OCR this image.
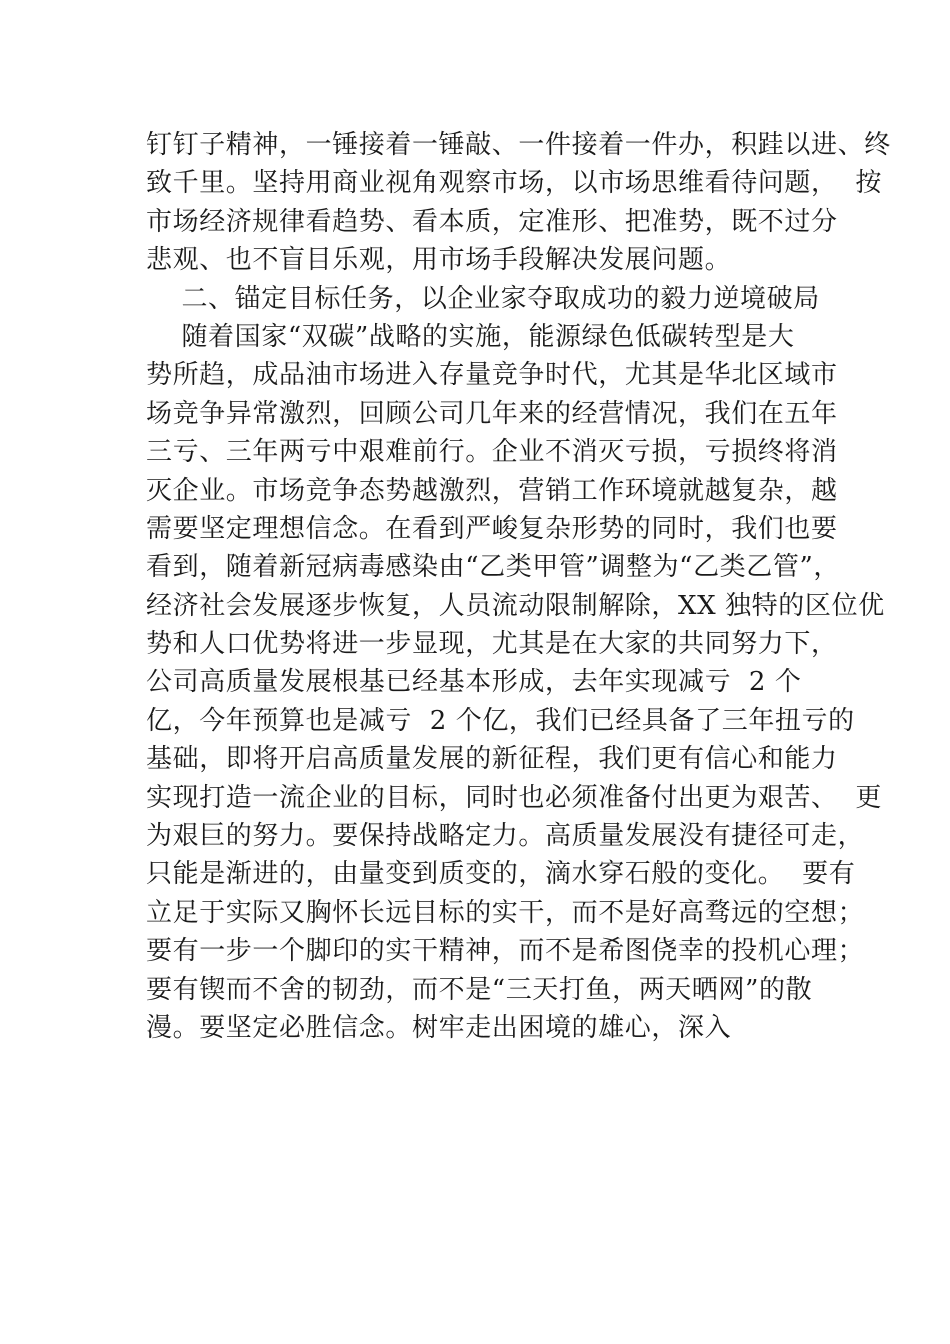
钉钉子精神，一锤接着一锤敲、一件接着一件办，积跬以进、终
致千里。坚持用商业视角观察市场，以市场思维看待问题，  按
市场经济规律看趋势、看本质，定准形、把准势，既不过分
悲观、也不盲目乐观，用市场手段解决发展问题。
二、锚定目标任务，以企业家夺取成功的毅力逆境破局
随着国家“双碳”战略的实施，能源绿色低碳转型是大
势所趋，成品油市场进入存量竞争时代，尤其是华北区域市
场竞争异常激烈，回顾公司几年来的经营情况，我们在五年
三亏、三年两亏中艰难前行。企业不消灭亏损，亏损终将消
灭企业。市场竞争态势越激烈，营销工作环境就越复杂，越
需要坚定理想信念。在看到严峻复杂形势的同时，我们也要
看到，随着新冠病毒感染由“乙类甲管”调整为“乙类乙管”，
经济社会发展逐步恢复，人员流动限制解除，XX 独特的区位优
势和人口优势将进一步显现，尤其是在大家的共同努力下，
公司高质量发展根基已经基本形成，去年实现减亏  2 个
亿，今年预算也是减亏  2 个亿，我们已经具备了三年扭亏的
基础，即将开启高质量发展的新征程，我们更有信心和能力
实现打造一流企业的目标，同时也必须准备付出更为艰苦、  更
为艰巨的努力。要保持战略定力。高质量发展没有捷径可走，
只能是渐进的，由量变到质变的，滴水穿石般的变化。  要有
立足于实际又胸怀长远目标的实干，而不是好高骛远的空想；
要有一步一个脚印的实干精神，而不是希图侥幸的投机心理；
要有锲而不舍的韧劲，而不是“三天打鱼，两天晒网”的散
漫。要坚定必胜信念。树牢走出困境的雄心，深入
